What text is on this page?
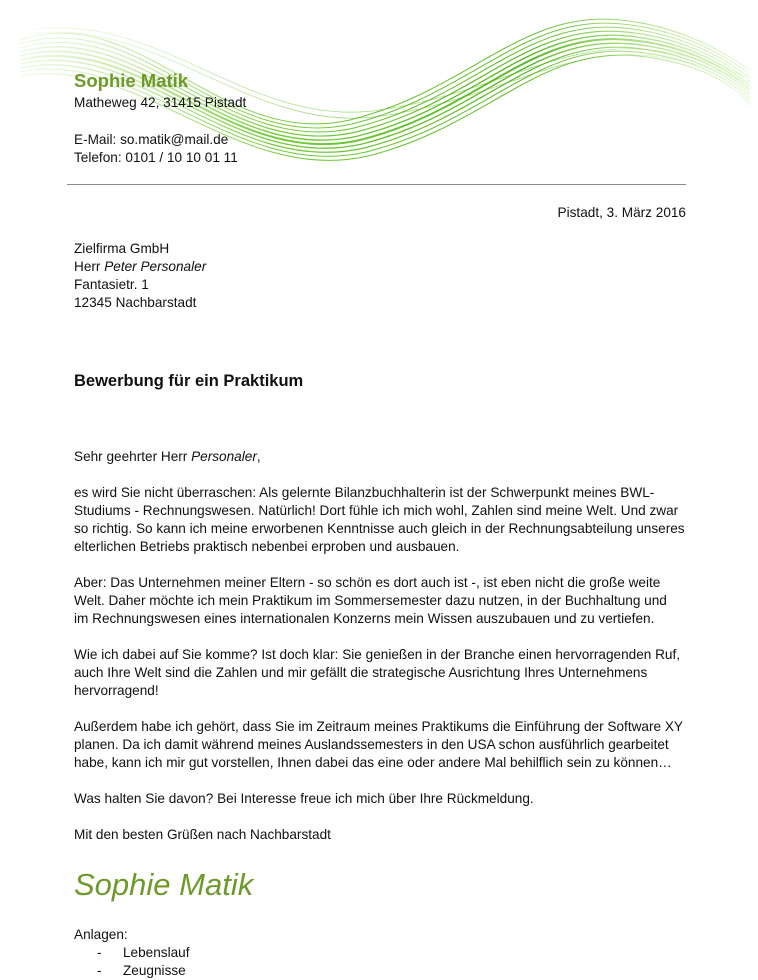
Sophie Matik
Matheweg 42, 31415 Pistadt
E-Mail: so.matik@mail.de
Telefon: 0101 / 10 10 01 11
Pistadt, 3. März 2016
Zielfirma GmbH
Herr Peter Personaler
Fantasietr. 1
12345 Nachbarstadt
Bewerbung für ein Praktikum
Sehr geehrter Herr Personaler,
es wird Sie nicht überraschen: Als gelernte Bilanzbuchhalterin ist der Schwerpunkt meines BWL-
Studiums - Rechnungswesen. Natürlich! Dort fühle ich mich wohl, Zahlen sind meine Welt. Und zwar
so richtig. So kann ich meine erworbenen Kenntnisse auch gleich in der Rechnungsabteilung unseres
elterlichen Betriebs praktisch nebenbei erproben und ausbauen.
Aber: Das Unternehmen meiner Eltern - so schön es dort auch ist -, ist eben nicht die große weite
Welt. Daher möchte ich mein Praktikum im Sommersemester dazu nutzen, in der Buchhaltung und
im Rechnungswesen eines internationalen Konzerns mein Wissen auszubauen und zu vertiefen.
Wie ich dabei auf Sie komme? Ist doch klar: Sie genießen in der Branche einen hervorragenden Ruf,
auch Ihre Welt sind die Zahlen und mir gefällt die strategische Ausrichtung Ihres Unternehmens
hervorragend!
Außerdem habe ich gehört, dass Sie im Zeitraum meines Praktikums die Einführung der Software XY
planen. Da ich damit während meines Auslandssemesters in den USA schon ausführlich gearbeitet
habe, kann ich mir gut vorstellen, Ihnen dabei das eine oder andere Mal behilflich sein zu können…
Was halten Sie davon? Bei Interesse freue ich mich über Ihre Rückmeldung.
Mit den besten Grüßen nach Nachbarstadt
Sophie Matik
Anlagen:
- Lebenslauf
- Zeugnisse
